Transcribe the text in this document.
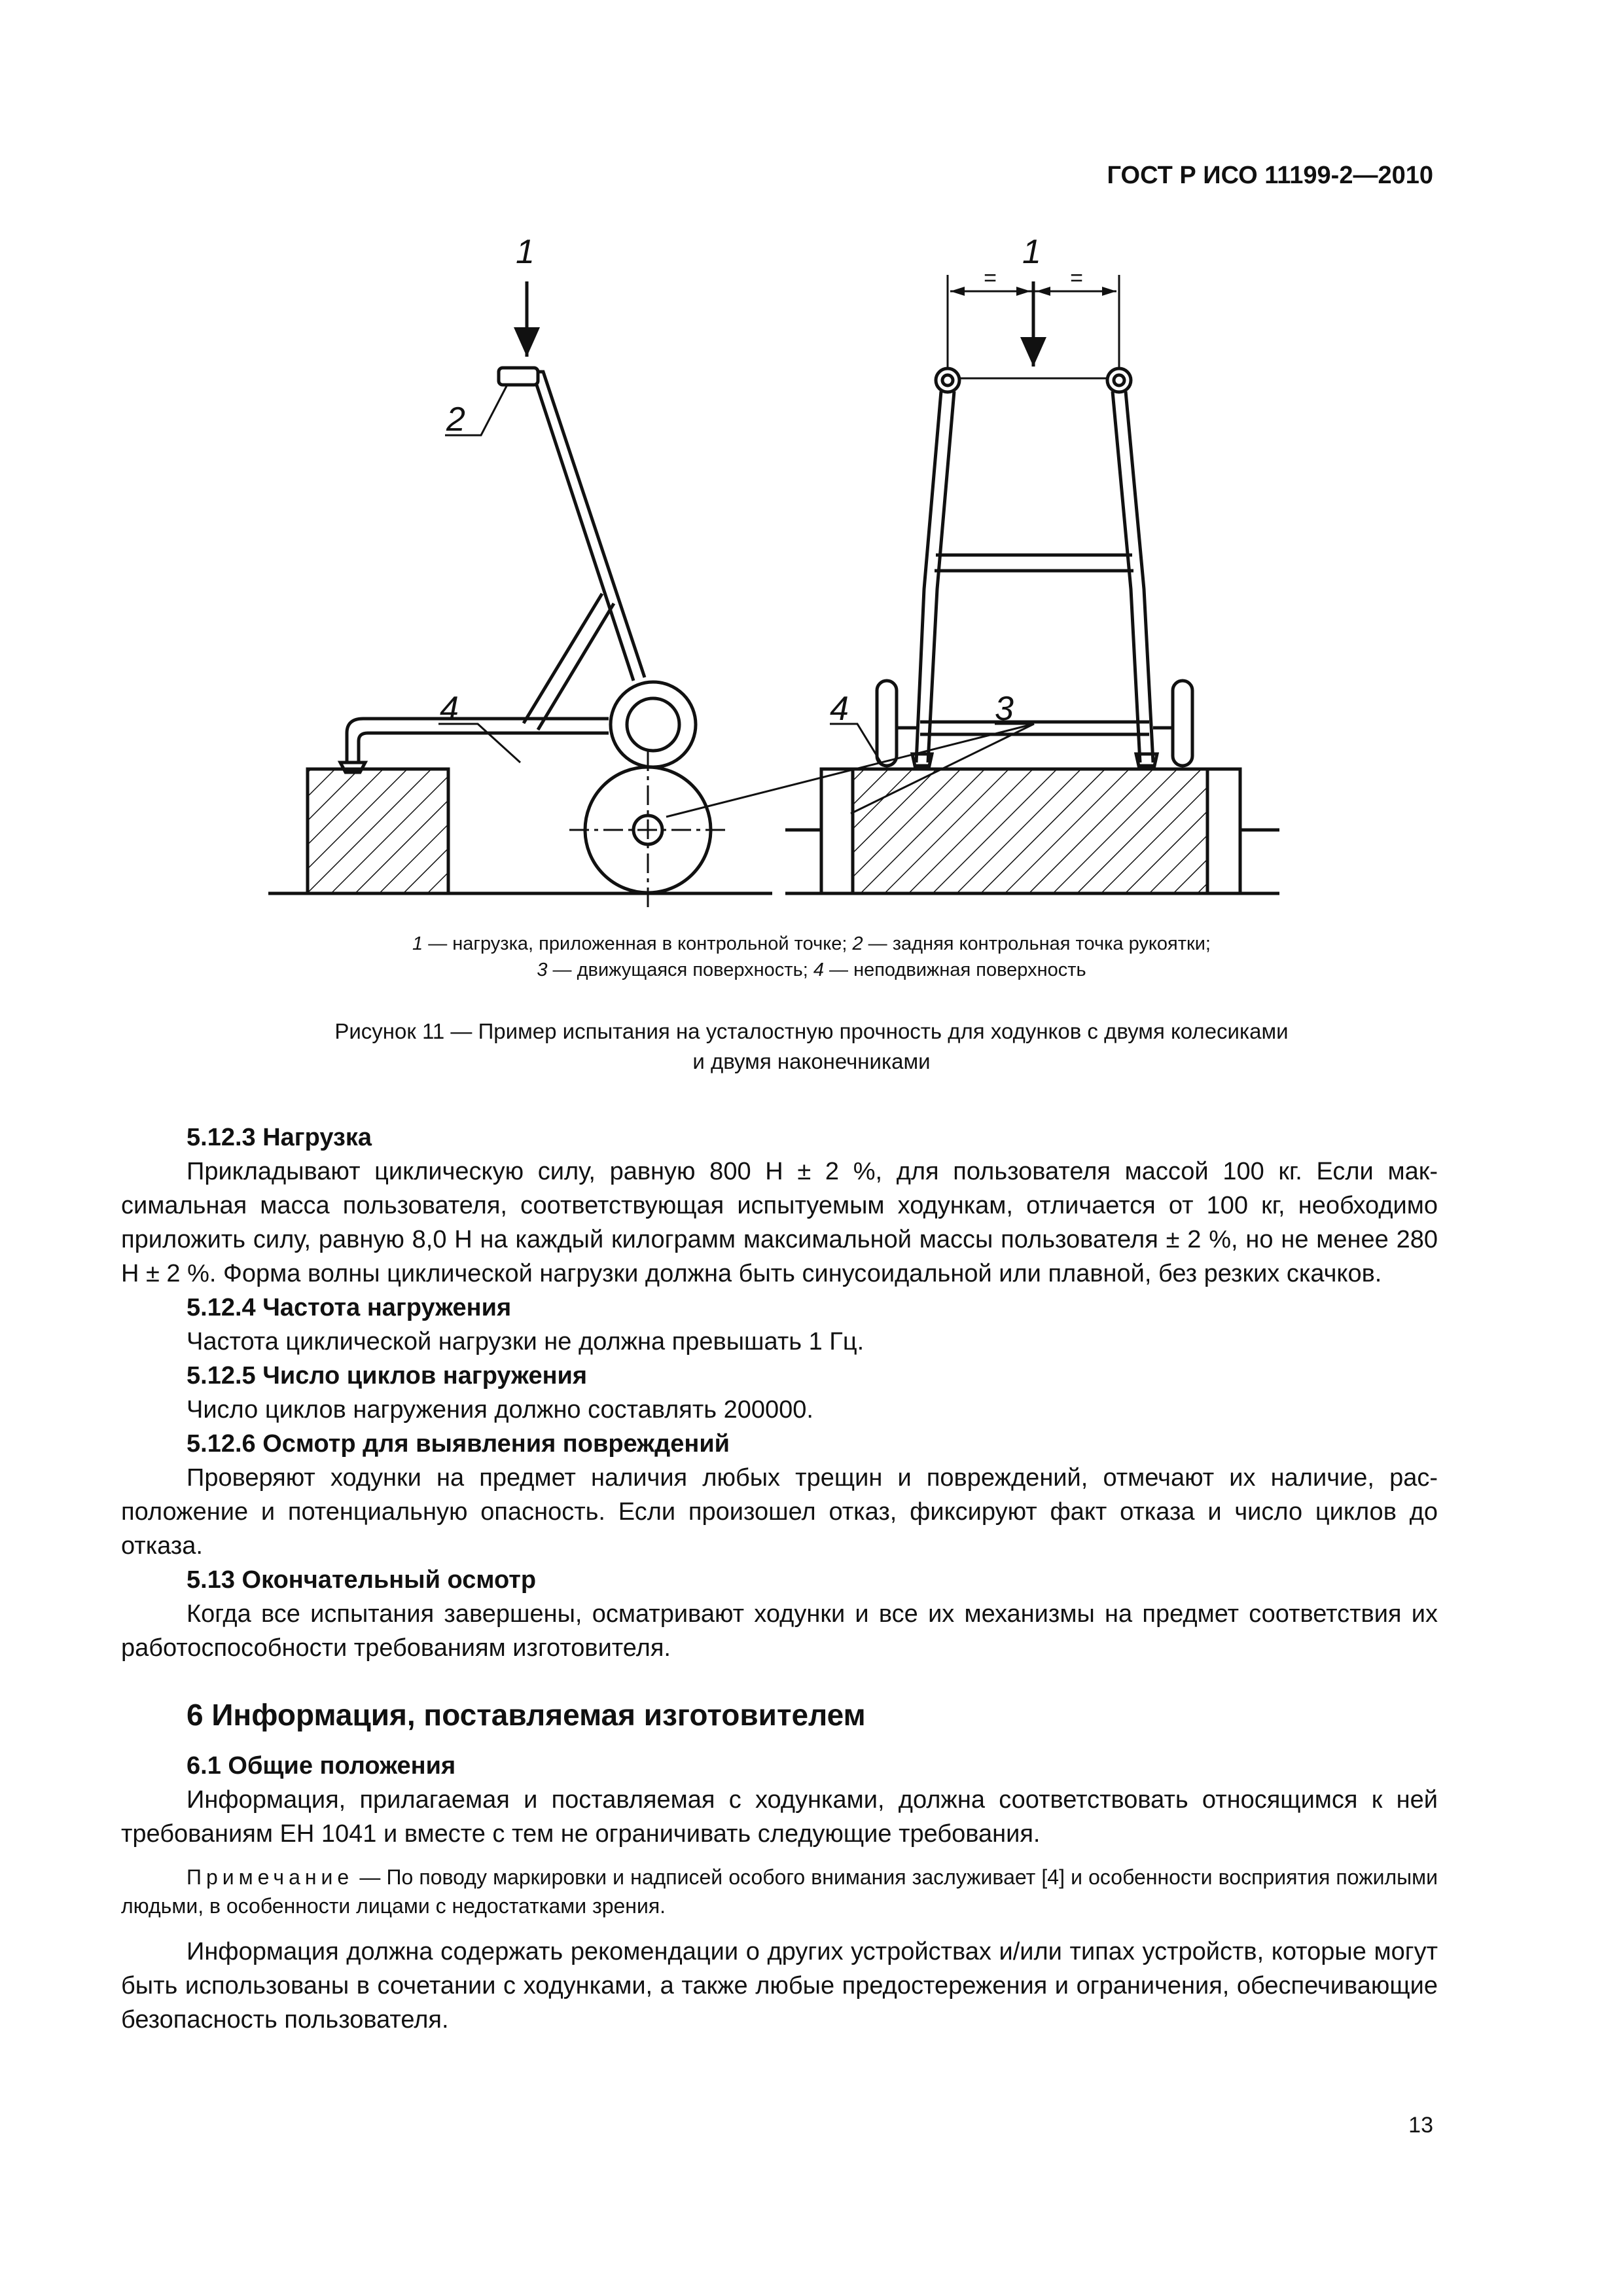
ГОСТ Р ИСО 11199-2—2010
1	1
2
4	3
4
=	=
1 — нагрузка, приложенная в контрольной точке; 2 — задняя контрольная точка рукоятки;
3 — движущаяся поверхность; 4 — неподвижная поверхность
Рисунок 11 — Пример испытания на усталостную прочность для ходунков с двумя колесиками
и двумя наконечниками

5.12.3 Нагрузка

Прикладывают циклическую силу, равную 800 Н ± 2 %, для пользователя массой 100 кг. Если максимальная масса пользователя, соответствующая испытуемым ходункам, отличается от 100 кг, необходимо приложить силу, равную 8,0 Н на каждый килограмм максимальной массы пользователя ± 2 %, но не менее 280 Н ± 2 %. Форма волны циклической нагрузки должна быть синусоидальной или плавной, без резких скачков.

5.12.4 Частота нагружения

Частота циклической нагрузки не должна превышать 1 Гц.

5.12.5 Число циклов нагружения

Число циклов нагружения должно составлять 200000.

5.12.6 Осмотр для выявления повреждений

Проверяют ходунки на предмет наличия любых трещин и повреждений, отмечают их наличие, расположение и потенциальную опасность. Если произошел отказ, фиксируют факт отказа и число циклов до отказа.

5.13 Окончательный осмотр

Когда все испытания завершены, осматривают ходунки и все их механизмы на предмет соответствия их работоспособности требованиям изготовителя.

6 Информация, поставляемая изготовителем

6.1 Общие положения

Информация, прилагаемая и поставляемая с ходунками, должна соответствовать относящимся к ней требованиям ЕН 1041 и вместе с тем не ограничивать следующие требования.

Примечание — По поводу маркировки и надписей особого внимания заслуживает [4] и особенности восприятия пожилыми людьми, в особенности лицами с недостатками зрения.

Информация должна содержать рекомендации о других устройствах и/или типах устройств, которые могут быть использованы в сочетании с ходунками, а также любые предостережения и ограничения, обеспечивающие безопасность пользователя.

13
